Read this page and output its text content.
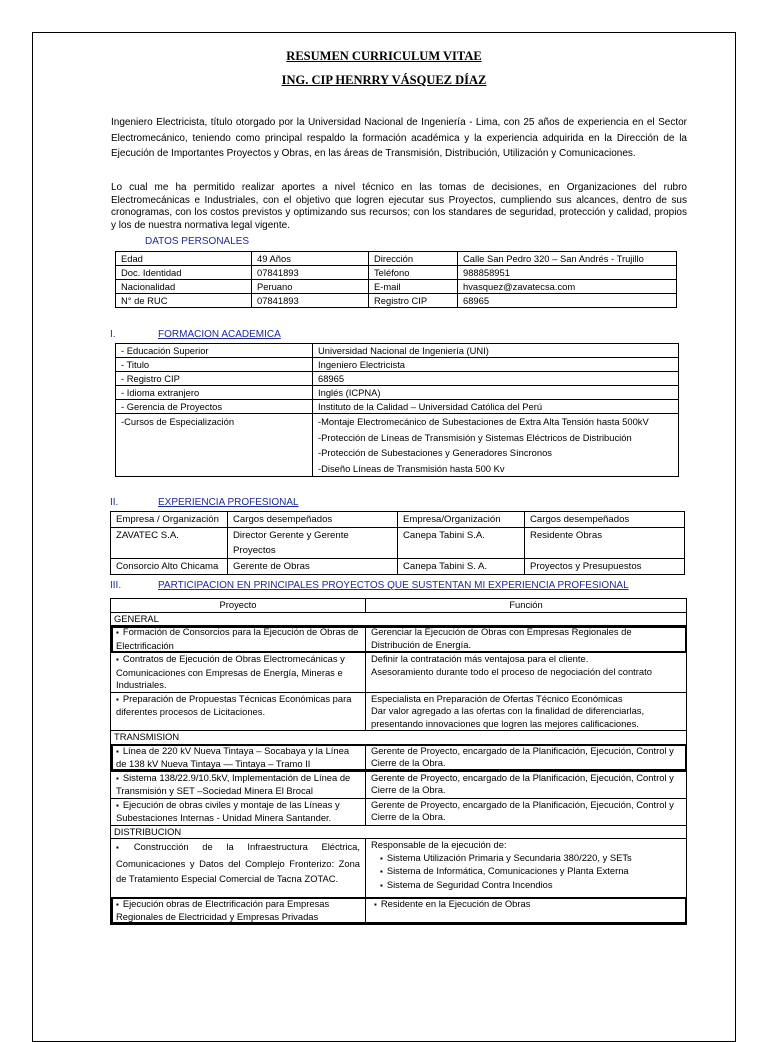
RESUMEN CURRICULUM VITAE
ING. CIP HENRRY VÁSQUEZ DÍAZ
Ingeniero Electricista, título otorgado por la Universidad Nacional de Ingeniería - Lima, con 25 años de experiencia en el Sector Electromecánico, teniendo como principal respaldo la formación académica y la experiencia adquirida en la Dirección de la Ejecución de Importantes Proyectos y Obras, en las áreas de Transmisión, Distribución, Utilización y Comunicaciones.
Lo cual me ha permitido realizar aportes a nivel técnico en las tomas de decisiones, en Organizaciones del rubro Electromecánicas e Industriales, con el objetivo que logren ejecutar sus Proyectos, cumpliendo sus alcances, dentro de sus cronogramas, con los costos previstos y optimizando sus recursos; con los standares de seguridad, protección y calidad, propios y los de nuestra normativa legal vigente.
DATOS PERSONALES
Edad	49 Años	Dirección	Calle San Pedro 320 – San Andrés - Trujillo
Doc. Identidad	07841893	Teléfono	988858951
Nacionalidad	Peruano	E-mail	hvasquez@zavatecsa.com
N° de RUC	07841893	Registro CIP	68965
I.	FORMACION ACADEMICA
- Educación Superior	Universidad Nacional de Ingeniería (UNI)
- Titulo	Ingeniero Electricista
- Registro CIP	68965
- Idioma extranjero	Inglés (ICPNA)
- Gerencia de Proyectos	Instituto de la Calidad – Universidad Católica del Perú
-Cursos de Especialización	-Montaje Electromecánico de Subestaciones de Extra Alta Tensión hasta 500kV
-Protección de Líneas de Transmisión y Sistemas Eléctricos de Distribución
-Protección de Subestaciones y Generadores Síncronos
-Diseño Líneas de Transmisión hasta 500 Kv
II.	EXPERIENCIA PROFESIONAL
Empresa / Organización	Cargos desempeñados	Empresa/Organización	Cargos desempeñados
ZAVATEC S.A.	Director Gerente y Gerente Proyectos	Canepa Tabini S.A.	Residente Obras
Consorcio Alto Chicama	Gerente de Obras	Canepa Tabini S. A.	Proyectos y Presupuestos
III.	PARTICIPACION EN PRINCIPALES PROYECTOS QUE SUSTENTAN MI EXPERIENCIA PROFESIONAL
Proyecto	Función
GENERAL	
▪ Formación de Consorcios para la Ejecución de Obras de Electrificación	Gerenciar la Ejecución de Obras con Empresas Regionales de Distribución de Energía.
▪ Contratos de Ejecución de Obras Electromecánicas y Comunicaciones con Empresas de Energía, Mineras e Industriales.	Definir la contratación más ventajosa para el cliente.
Asesoramiento durante todo el proceso de negociación del contrato

▪ Preparación de Propuestas Técnicas Económicas para diferentes procesos de Licitaciones.	Especialista en Preparación de Ofertas Técnico Económicas
Dar valor agregado a las ofertas con la finalidad de diferenciarlas, presentando innovaciones que logren las mejores calificaciones.

TRANSMISION	
▪ Línea de 220 kV Nueva Tintaya – Socabaya y la Línea de 138 kV Nueva Tintaya — Tintaya – Tramo II	Gerente de Proyecto, encargado de la Planificación, Ejecución, Control y Cierre de la Obra.
▪ Sistema 138/22.9/10.5kV, Implementación de Línea de Transmisión y SET –Sociedad Minera El Brocal	Gerente de Proyecto, encargado de la Planificación, Ejecución, Control y Cierre de la Obra.
▪ Ejecución de obras civiles y montaje de las Líneas y Subestaciones Internas - Unidad Minera Santander.	Gerente de Proyecto, encargado de la Planificación, Ejecución, Control y Cierre de la Obra.
DISTRIBUCION	
▪ Construcción de la Infraestructura Eléctrica, Comunicaciones y Datos del Complejo Fronterizo: Zona de Tratamiento Especial Comercial de Tacna ZOTAC.	Responsable de la ejecución de:
▪ Sistema Utilización Primaria y Secundaria 380/220, y SETs
▪ Sistema de Informática, Comunicaciones y Planta Externa
▪ Sistema de Seguridad Contra Incendios

▪ Ejecución obras de Electrificación para Empresas Regionales de Electricidad y Empresas Privadas	▪ Residente en la Ejecución de Obras
